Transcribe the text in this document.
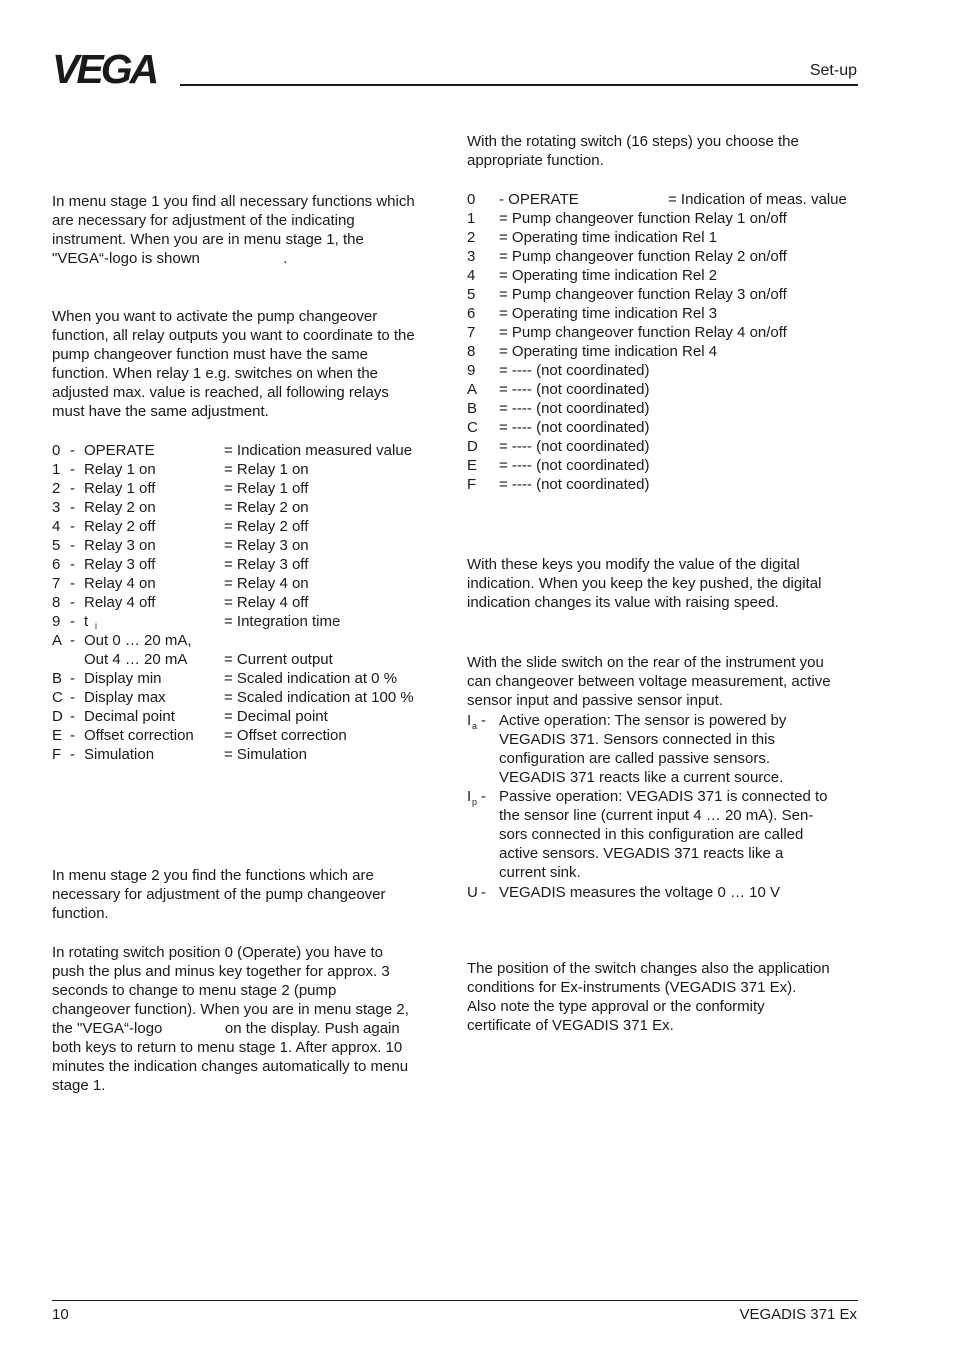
VEGA	Set-up

In menu stage 1 you find all necessary functions which
are necessary for adjustment of the indicating
instrument. When you are in menu stage 1, the
"VEGA“-logo is shown                    .

When you want to activate the pump changeover
function, all relay outputs you want to coordinate to the
pump changeover function must have the same
function. When relay 1 e.g. switches on when the
adjusted max. value is reached, all following relays
must have the same adjustment.

0 - OPERATE	= Indication measured value
1 - Relay 1 on	= Relay 1 on
2 - Relay 1 off	= Relay 1 off
3 - Relay 2 on	= Relay 2 on
4 - Relay 2 off	= Relay 2 off
5 - Relay 3 on	= Relay 3 on
6 - Relay 3 off	= Relay 3 off
7 - Relay 4 on	= Relay 4 on
8 - Relay 4 off	= Relay 4 off
9 - t i	= Integration time
A - Out 0 … 20 mA,
Out 4 … 20 mA = Current output
B - Display min	= Scaled indication at 0 %
C - Display max	= Scaled indication at 100 %
D - Decimal point	= Decimal point
E - Offset correction = Offset correction
F - Simulation	= Simulation

In menu stage 2 you find the functions which are
necessary for adjustment of the pump changeover
function.

In rotating switch position 0 (Operate) you have to
push the plus and minus key together for approx. 3
seconds to change to menu stage 2 (pump
changeover function). When you are in menu stage 2,
the "VEGA“-logo               on the display. Push again
both keys to return to menu stage 1. After approx. 10
minutes the indication changes automatically to menu
stage 1.

With the rotating switch (16 steps) you choose the
appropriate function.

0 - OPERATE	= Indication of meas. value
1 = Pump changeover function Relay 1 on/off
2 = Operating time indication Rel 1
3 = Pump changeover function Relay 2 on/off
4 = Operating time indication Rel 2
5 = Pump changeover function Relay 3 on/off
6 = Operating time indication Rel 3
7 = Pump changeover function Relay 4 on/off
8 = Operating time indication Rel 4
9 = ---- (not coordinated)
A = ---- (not coordinated)
B = ---- (not coordinated)
C = ---- (not coordinated)
D = ---- (not coordinated)
E = ---- (not coordinated)
F = ---- (not coordinated)

With these keys you modify the value of the digital
indication. When you keep the key pushed, the digital
indication changes its value with raising speed.

With the slide switch on the rear of the instrument you
can changeover between voltage measurement, active
sensor input and passive sensor input.

I a - Active operation: The sensor is powered by
VEGADIS 371. Sensors connected in this
configuration are called passive sensors.
VEGADIS 371 reacts like a current source.

I p - Passive operation: VEGADIS 371 is connected to
the sensor line (current input 4 … 20 mA). Sen-
sors connected in this configuration are called
active sensors. VEGADIS 371 reacts like a
current sink.

U - VEGADIS measures the voltage 0 … 10 V

The position of the switch changes also the application
conditions for Ex-instruments (VEGADIS 371 Ex).
Also note the type approval or the conformity
certificate of VEGADIS 371 Ex.

10	VEGADIS 371 Ex
